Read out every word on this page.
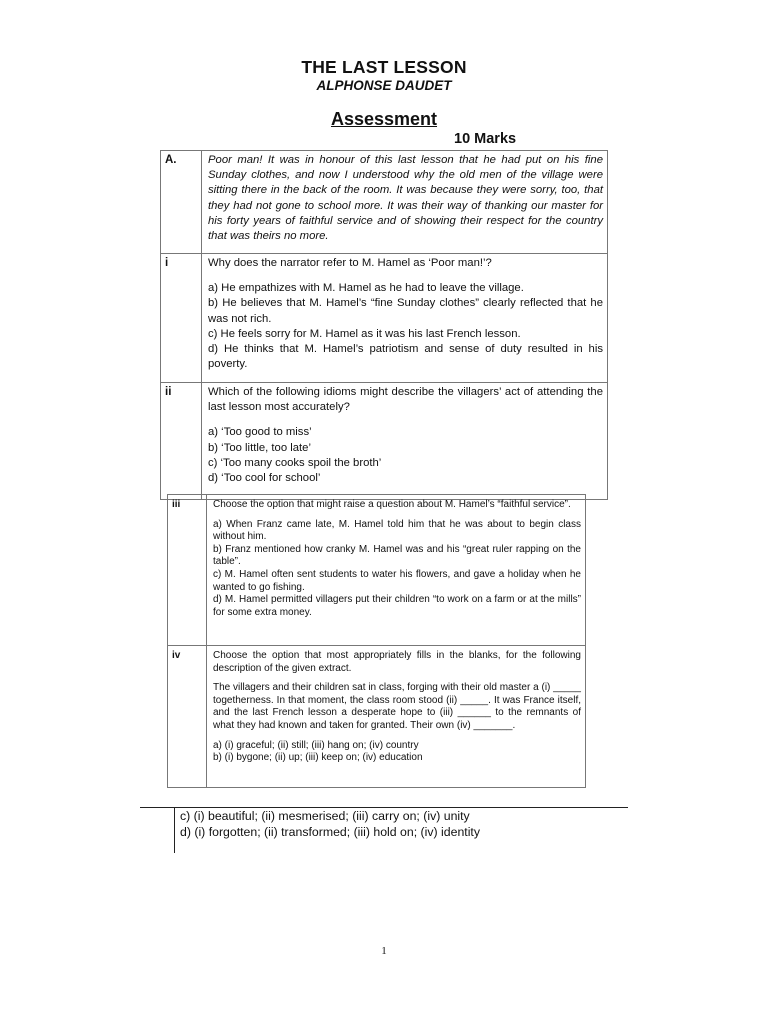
THE LAST LESSON
ALPHONSE DAUDET
Assessment
10 Marks
A.	Poor man! It was in honour of this last lesson that he had put on his fine Sunday clothes, and now I understood why the old men of the village were sitting there in the back of the room. It was because they were sorry, too, that they had not gone to school more. It was their way of thanking our master for his forty years of faithful service and of showing their respect for the country that was theirs no more.
i	Why does the narrator refer to M. Hamel as ‘Poor man!’?
a) He empathizes with M. Hamel as he had to leave the village.
b) He believes that M. Hamel’s “fine Sunday clothes” clearly reflected that he was not rich.
c) He feels sorry for M. Hamel as it was his last French lesson.
d) He thinks that M. Hamel’s patriotism and sense of duty resulted in his poverty.

ii	Which of the following idioms might describe the villagers’ act of attending the last lesson most accurately?
a) ‘Too good to miss’
b) ‘Too little, too late’
c) ‘Too many cooks spoil the broth’
d) ‘Too cool for school’
iii	Choose the option that might raise a question about M. Hamel’s “faithful service”.
a) When Franz came late, M. Hamel told him that he was about to begin class without him.
b) Franz mentioned how cranky M. Hamel was and his “great ruler rapping on the table”.
c) M. Hamel often sent students to water his flowers, and gave a holiday when he wanted to go fishing.
d) M. Hamel permitted villagers put their children “to work on a farm or at the mills” for some extra money.

iv	Choose the option that most appropriately fills in the blanks, for the following description of the given extract.
The villagers and their children sat in class, forging with their old master a (i) _____ togetherness. In that moment, the class room stood (ii) _____. It was France itself, and the last French lesson a desperate hope to (iii) ______ to the remnants of what they had known and taken for granted. Their own (iv) _______.
a) (i) graceful; (ii) still; (iii) hang on; (iv) country
b) (i) bygone; (ii) up; (iii) keep on; (iv) education
c) (i) beautiful; (ii) mesmerised; (iii) carry on; (iv) unity
d) (i) forgotten; (ii) transformed; (iii) hold on; (iv) identity
1
